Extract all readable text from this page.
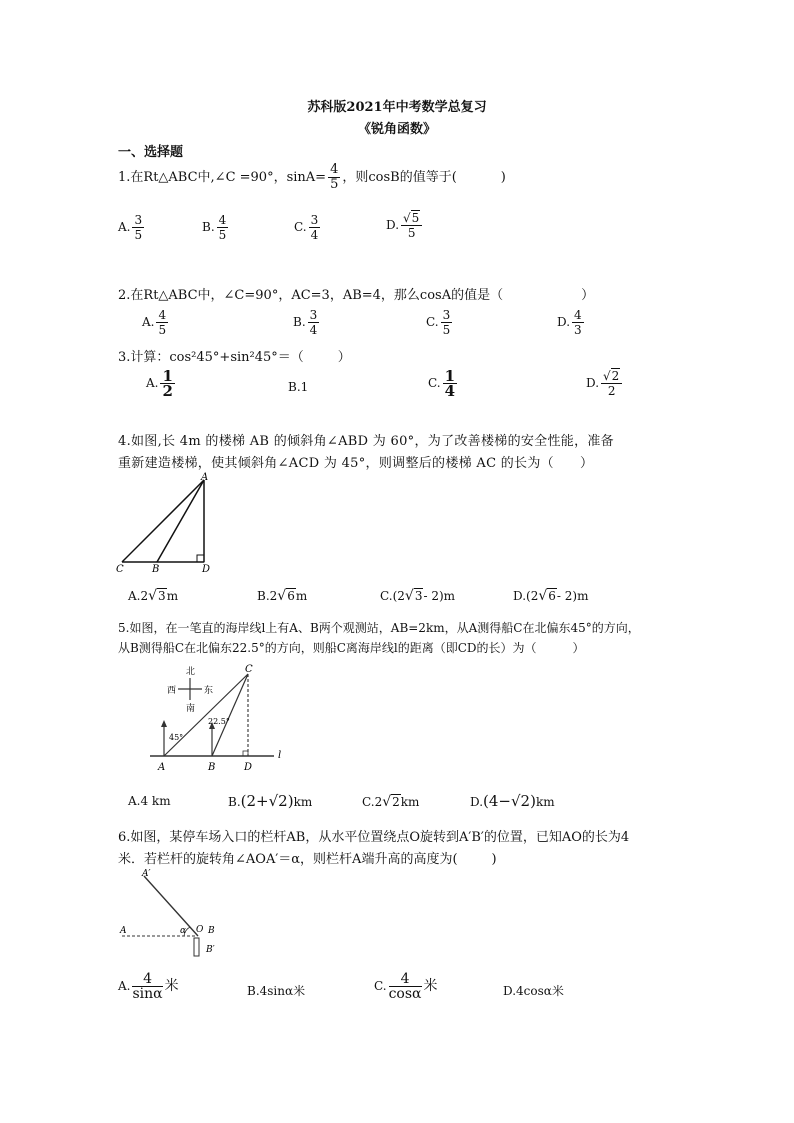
苏科版2021年中考数学总复习
《锐角函数》
一、选择题
1.在Rt△ABC中,∠C =90°，$\sin A= \frac{4}{5}$ ，则cosB的值等于(	)
A. $\frac{3}{5}$	B. $\frac{4}{5}$	C. $\frac{3}{4}$	D. $\frac{√5}{5}$
2.在Rt△ABC中，∠C=90°，AC=3，AB=4，那么cosA的值是（	）
A. $\frac{4}{5}$	B. $\frac{3}{4}$	C. $\frac{3}{5}$	D. $\frac{4}{3}$
3.计算：cos²45°+sin²45°＝（	）
A. $\frac{1}{2}$	B.1	C. $\frac{1}{4}$	D. $\frac{√2}{2}$
4.如图,长 4m 的楼梯 AB 的倾斜角∠ABD 为 60°，为了改善楼梯的安全性能，准备
重新建造楼梯，使其倾斜角∠ACD 为 45°，则调整后的楼梯 AC 的长为（ ）
A
B
C	D
A.2√3m	B.2√6m	C.(2√3- 2)m	D.(2√6- 2)m
5.如图，在一笔直的海岸线l上有A、B两个观测站，AB=2km，从A测得船C在北偏东45°的方向，
从B测得船C在北偏东22.5°的方向，则船C离海岸线l的距离（即CD的长）为（	）
北
南
西	东
45°
22.5°
A	B
C
D
l
A.4 km	B.(2+√2)km	C.2√2km	D.(4−√2)km
6.如图，某停车场入口的栏杆AB，从水平位置绕点O旋转到A′B′的位置，已知AO的长为4
米．若栏杆的旋转角∠AOA′＝α，则栏杆A端升高的高度为(	)
A′
A	α O B
B′
A. $\frac{4}{\sin\alpha}$ 米	B.4sinα米	C. $\frac{4}{\cos\alpha}$ 米	D.4cosα米
